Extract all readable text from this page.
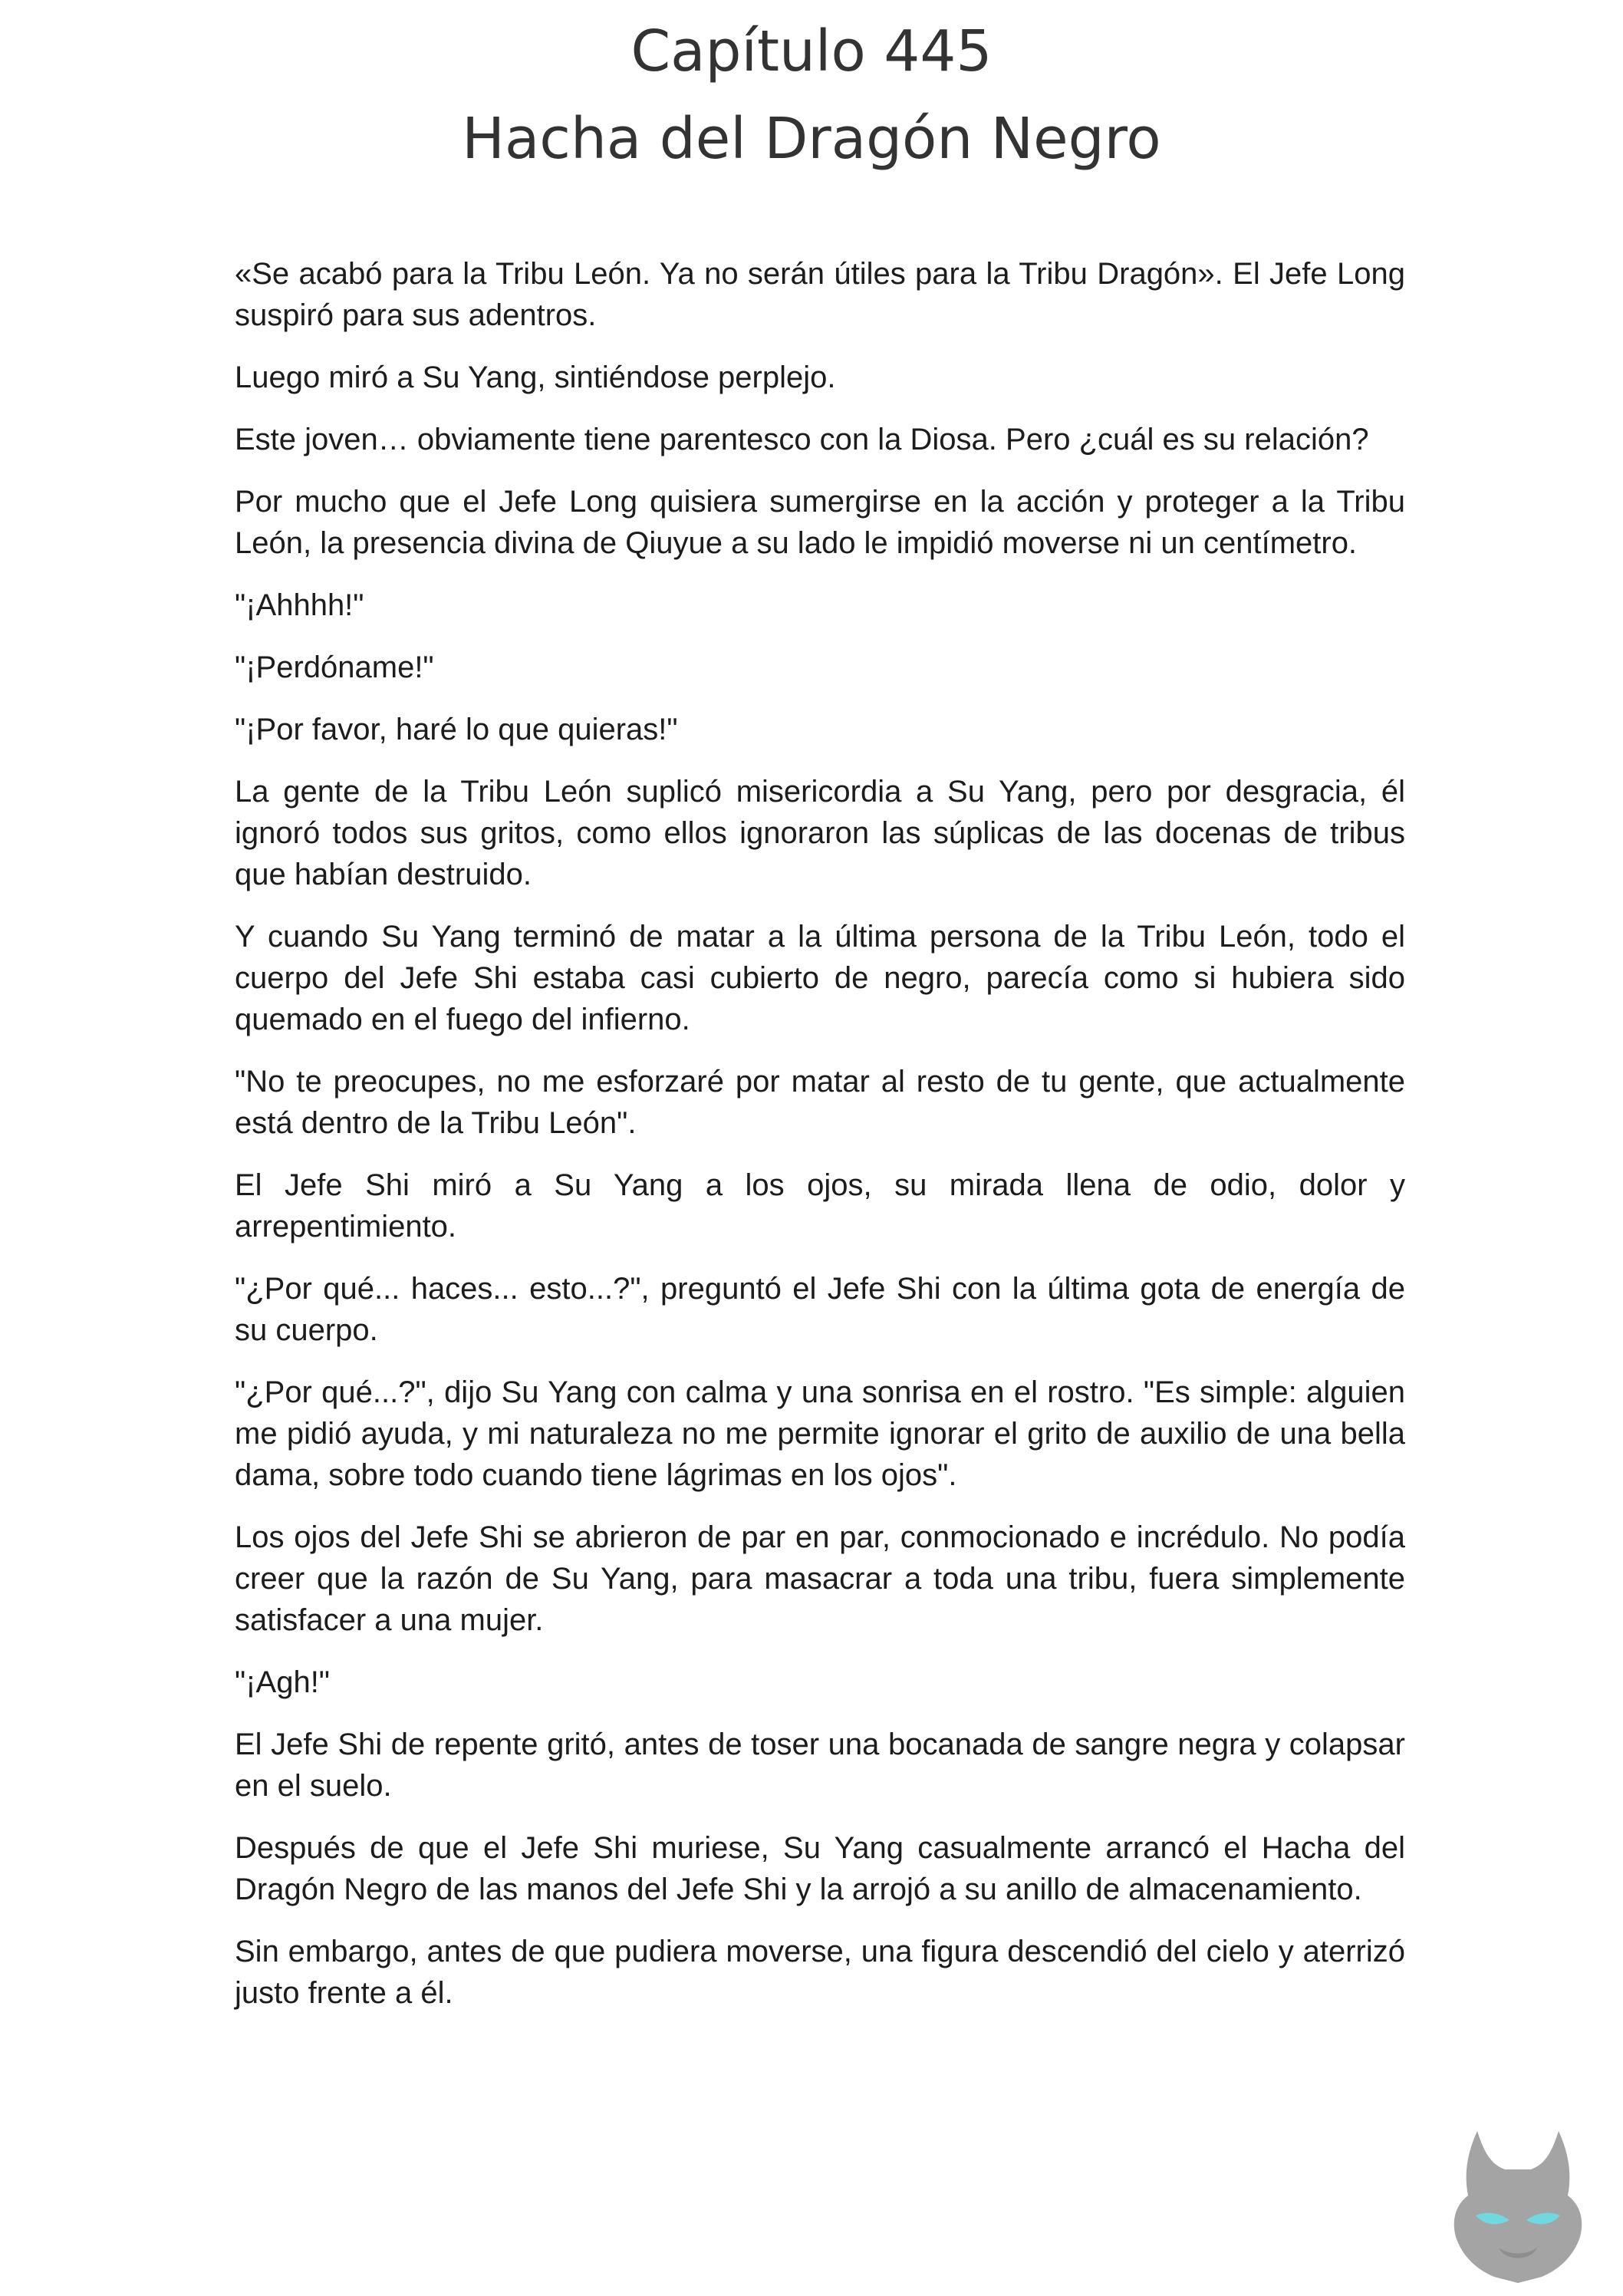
Capítulo 445
Hacha del Dragón Negro

«Se acabó para la Tribu León. Ya no serán útiles para la Tribu Dragón». El Jefe Long suspiró para sus adentros.

Luego miró a Su Yang, sintiéndose perplejo.

Este joven… obviamente tiene parentesco con la Diosa. Pero ¿cuál es su relación?

Por mucho que el Jefe Long quisiera sumergirse en la acción y proteger a la Tribu León, la presencia divina de Qiuyue a su lado le impidió moverse ni un centímetro.

"¡Ahhhh!"

"¡Perdóname!"

"¡Por favor, haré lo que quieras!"

La gente de la Tribu León suplicó misericordia a Su Yang, pero por desgracia, él ignoró todos sus gritos, como ellos ignoraron las súplicas de las docenas de tribus que habían destruido.

Y cuando Su Yang terminó de matar a la última persona de la Tribu León, todo el cuerpo del Jefe Shi estaba casi cubierto de negro, parecía como si hubiera sido quemado en el fuego del infierno.

"No te preocupes, no me esforzaré por matar al resto de tu gente, que actualmente está dentro de la Tribu León".

El Jefe Shi miró a Su Yang a los ojos, su mirada llena de odio, dolor y arrepentimiento.

"¿Por qué... haces... esto...?", preguntó el Jefe Shi con la última gota de energía de su cuerpo.

"¿Por qué...?", dijo Su Yang con calma y una sonrisa en el rostro. "Es simple: alguien me pidió ayuda, y mi naturaleza no me permite ignorar el grito de auxilio de una bella dama, sobre todo cuando tiene lágrimas en los ojos".

Los ojos del Jefe Shi se abrieron de par en par, conmocionado e incrédulo. No podía creer que la razón de Su Yang, para masacrar a toda una tribu, fuera simplemente satisfacer a una mujer.

"¡Agh!"

El Jefe Shi de repente gritó, antes de toser una bocanada de sangre negra y colapsar en el suelo.

Después de que el Jefe Shi muriese, Su Yang casualmente arrancó el Hacha del Dragón Negro de las manos del Jefe Shi y la arrojó a su anillo de almacenamiento.

Sin embargo, antes de que pudiera moverse, una figura descendió del cielo y aterrizó justo frente a él.
